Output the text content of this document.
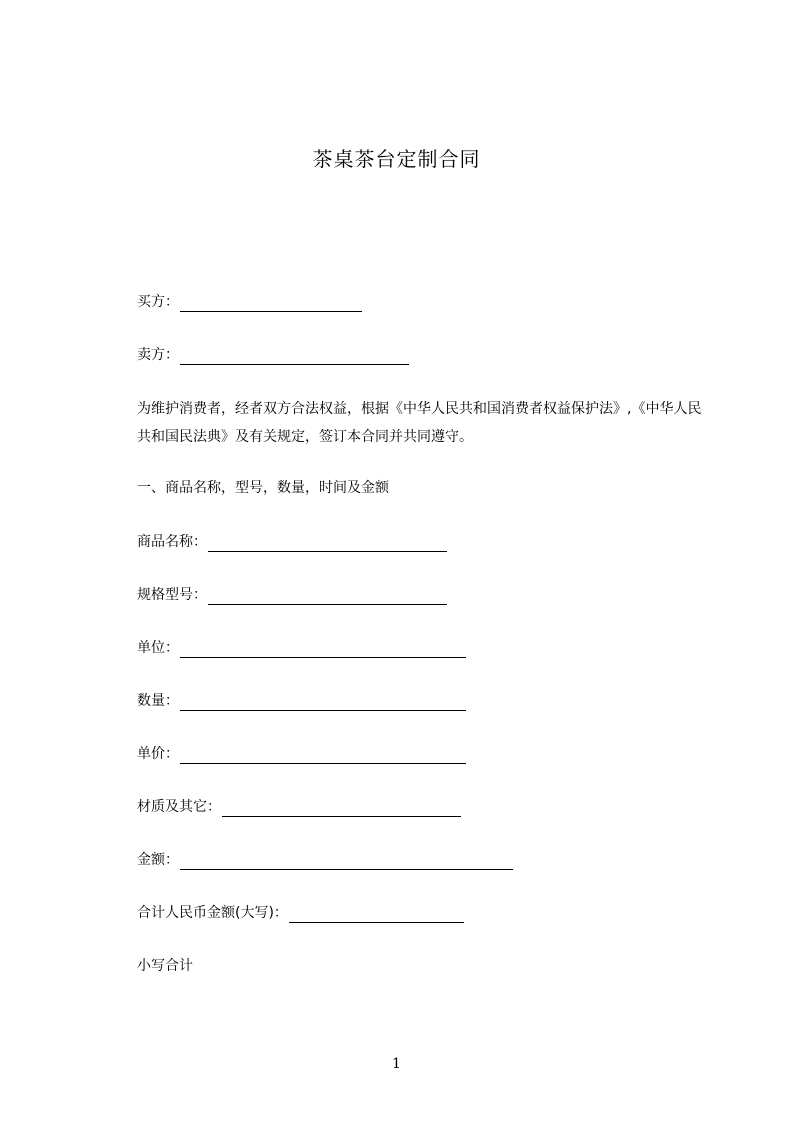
茶桌茶台定制合同
买方：
卖方：
为维护消费者，经者双方合法权益，根据《中华人民共和国消费者权益保护法》,《中华人民共和国民法典》及有关规定，签订本合同并共同遵守。
一、商品名称，型号，数量，时间及金额
商品名称：
规格型号：
单位：
数量：
单价：
材质及其它：
金额：
合计人民币金额(大写)：
小写合计
1
